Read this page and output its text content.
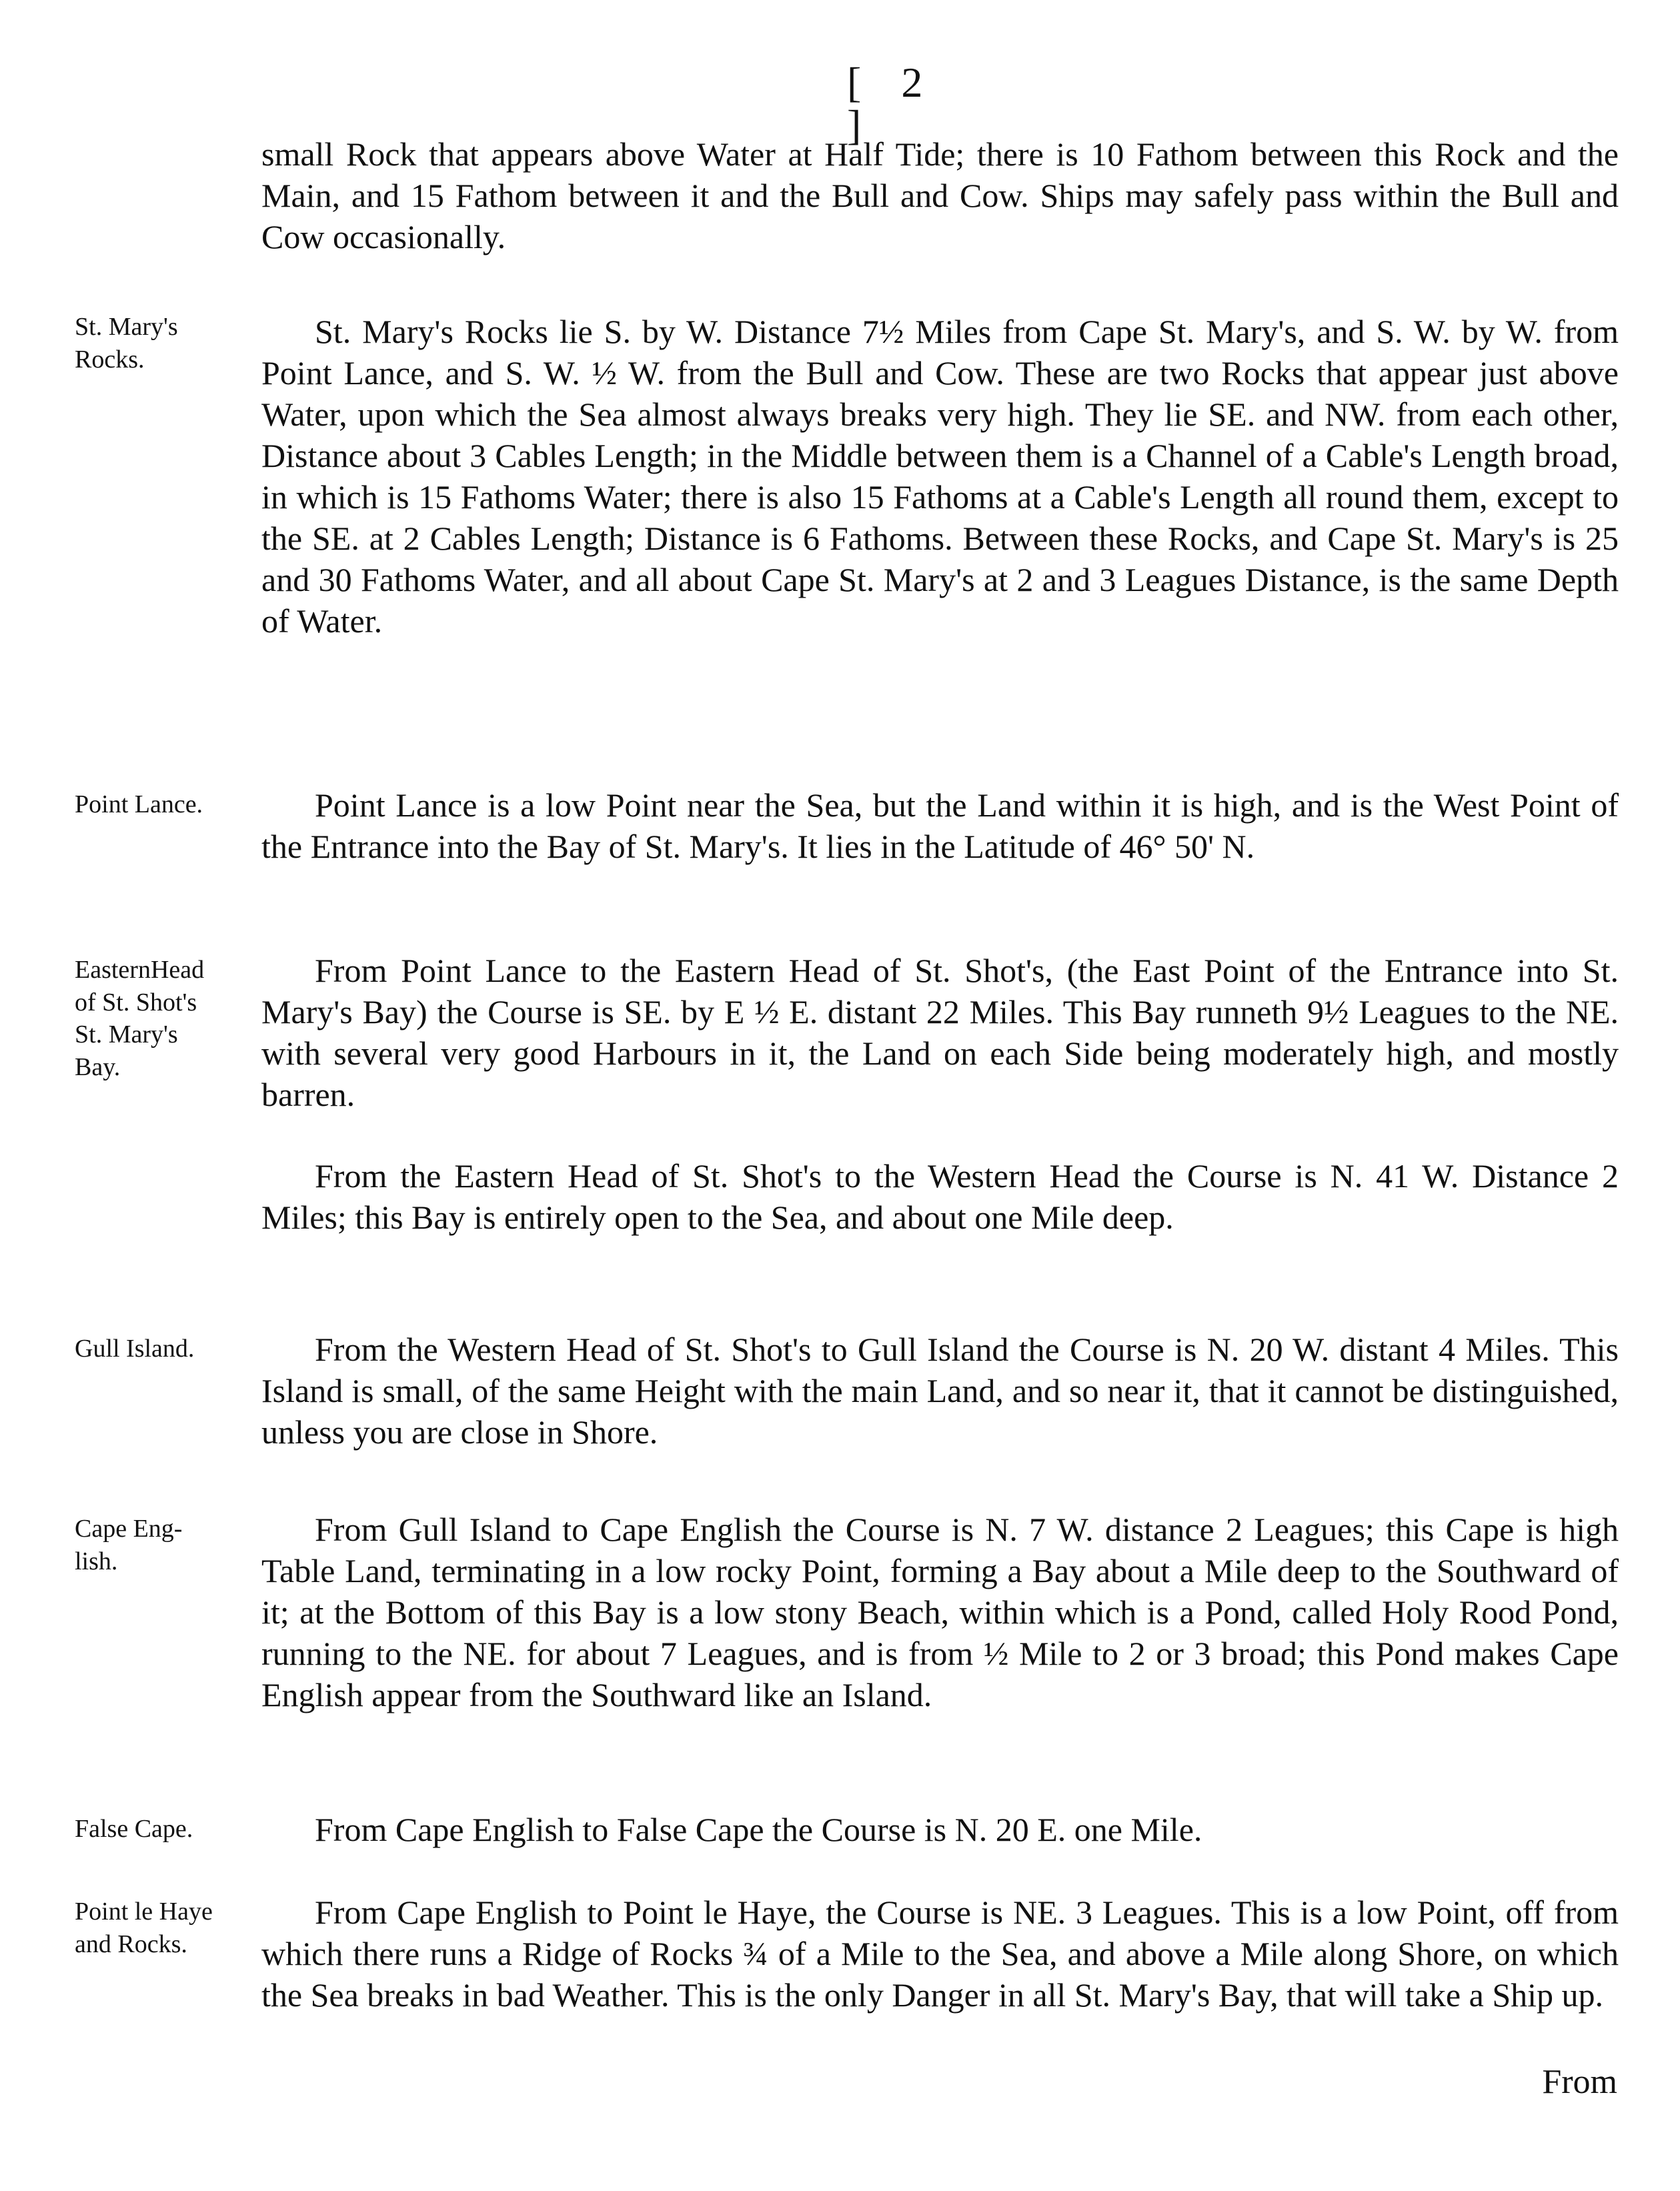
[ 2 ]

small Rock that appears above Water at Half Tide; there is 10 Fathom between this Rock and the Main, and 15 Fathom between it and the Bull and Cow. Ships may safely pass within the Bull and Cow occasionally.

St. Mary's
Rocks.

St. Mary's Rocks lie S. by W. Distance 7½ Miles from Cape St. Mary's, and S. W. by W. from Point Lance, and S. W. ½ W. from the Bull and Cow. These are two Rocks that appear just above Water, upon which the Sea almost always breaks very high. They lie SE. and NW. from each other, Distance about 3 Cables Length; in the Middle between them is a Channel of a Cable's Length broad, in which is 15 Fathoms Water; there is also 15 Fathoms at a Cable's Length all round them, except to the SE. at 2 Cables Length; Distance is 6 Fathoms. Between these Rocks, and Cape St. Mary's is 25 and 30 Fathoms Water, and all about Cape St. Mary's at 2 and 3 Leagues Distance, is the same Depth of Water.

Point Lance.	Point Lance is a low Point near the Sea, but the Land within it is high, and is the West Point of the Entrance into the Bay of St. Mary's. It lies in the Latitude of 46° 50' N.

EasternHead
of St. Shot's
St. Mary's
Bay.

From Point Lance to the Eastern Head of St. Shot's, (the East Point of the Entrance into St. Mary's Bay) the Course is SE. by E ½ E. distant 22 Miles. This Bay runneth 9½ Leagues to the NE. with several very good Harbours in it, the Land on each Side being moderately high, and mostly barren.

From the Eastern Head of St. Shot's to the Western Head the Course is N. 41 W. Distance 2 Miles; this Bay is entirely open to the Sea, and about one Mile deep.

Gull Island.	From the Western Head of St. Shot's to Gull Island the Course is N. 20 W. distant 4 Miles. This Island is small, of the same Height with the main Land, and so near it, that it cannot be distinguished, unless you are close in Shore.

Cape Eng-
lish.

From Gull Island to Cape English the Course is N. 7 W. distance 2 Leagues; this Cape is high Table Land, terminating in a low rocky Point, forming a Bay about a Mile deep to the Southward of it; at the Bottom of this Bay is a low stony Beach, within which is a Pond, called Holy Rood Pond, running to the NE. for about 7 Leagues, and is from ½ Mile to 2 or 3 broad; this Pond makes Cape English appear from the Southward like an Island.

False Cape.	From Cape English to False Cape the Course is N. 20 E. one Mile.

Point le Haye
and Rocks.

From Cape English to Point le Haye, the Course is NE. 3 Leagues. This is a low Point, off from which there runs a Ridge of Rocks ¾ of a Mile to the Sea, and above a Mile along Shore, on which the Sea breaks in bad Weather. This is the only Danger in all St. Mary's Bay, that will take a Ship up.

From
